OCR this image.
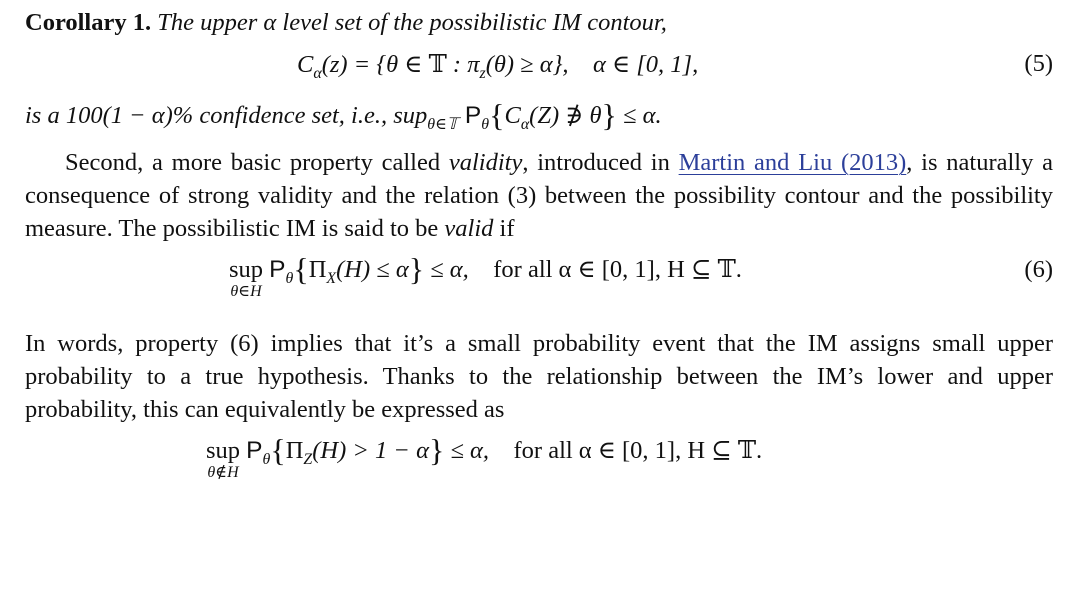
Corollary 1. The upper α level set of the possibilistic IM contour,

$C_\alpha(z) = \{\theta$ ∈ 𝕋 : $\pi_z(\theta) \ge \alpha$},    α ∈ [0, 1],	(5)

is a 100(1 − α)% confidence set, i.e., sup$_{\theta\in 𝕋}$ $P_\theta\{C_\alpha(Z)$ ∌ θ} ≤ α.

Second, a more basic property called validity, introduced in Martin and Liu (2013), is naturally a consequence of strong validity and the relation (3) between the possibility contour and the possibility measure. The possibilistic IM is said to be valid if

sup
θ∈H
$P_\theta\{\Pi_X(H) \le \alpha\} \le \alpha$, for all α ∈ [0, 1], H ⊆ 𝕋.	(6)

In words, property (6) implies that it’s a small probability event that the IM assigns small upper probability to a true hypothesis. Thanks to the relationship between the IM’s lower and upper probability, this can equivalently be expressed as

sup
θ∉H
$P_\theta\{\Pi_Z(H) > 1 - \alpha\} \le \alpha$, for all α ∈ [0, 1], H ⊆ 𝕋.
